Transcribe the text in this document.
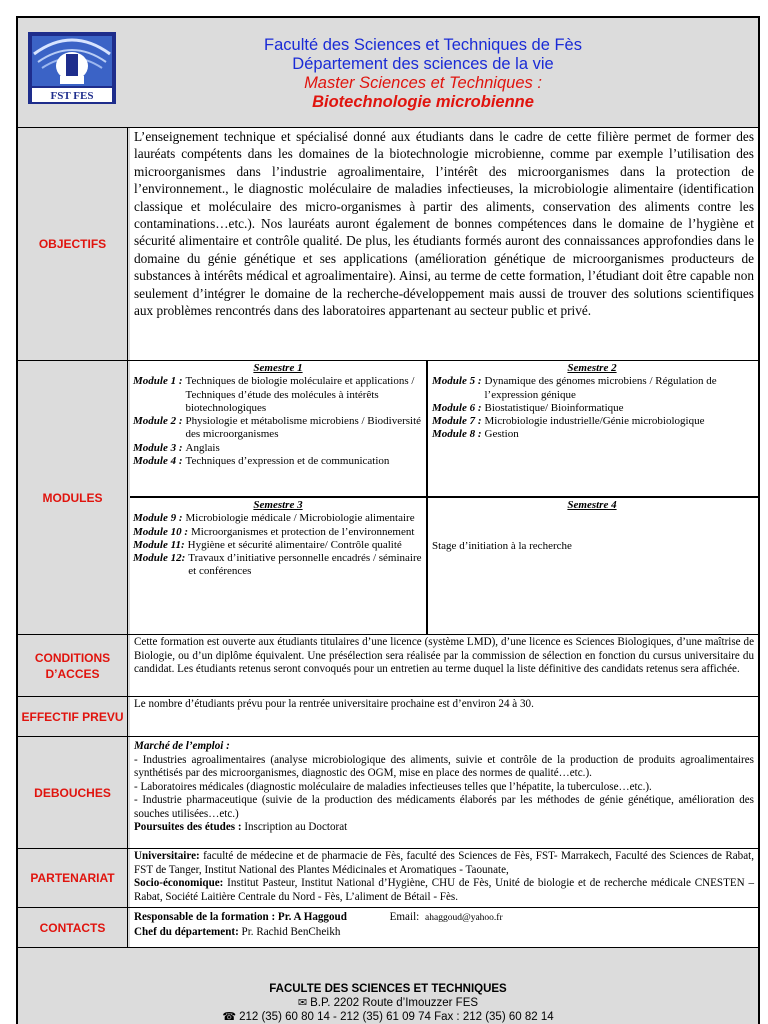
FST FES
Faculté des Sciences et Techniques de Fès
Département des sciences de la vie
Master Sciences et Techniques :
Biotechnologie microbienne
OBJECTIFS
L’enseignement technique et spécialisé donné aux étudiants dans le cadre de cette filière permet de former des lauréats compétents dans les domaines de la biotechnologie microbienne, comme par exemple l’utilisation des microorganismes dans l’industrie agroalimentaire, l’intérêt des microorganismes dans la protection de l’environnement., le diagnostic moléculaire de maladies infectieuses, la microbiologie alimentaire (identification classique et moléculaire des micro-organismes à partir des aliments, conservation des aliments contre les contaminations…etc.). Nos lauréats auront également de bonnes compétences dans le domaine de l’hygiène et sécurité alimentaire et contrôle qualité. De plus, les étudiants formés auront des connaissances approfondies dans le domaine du génie génétique et ses applications (amélioration génétique de microorganismes producteurs de substances à intérêts médical et agroalimentaire). Ainsi, au terme de cette formation, l’étudiant doit être capable non seulement d’intégrer le domaine de la recherche-développement mais aussi de trouver des solutions scientifiques aux problèmes rencontrés dans des laboratoires appartenant au secteur public et privé.
MODULES
Semestre 1
Module 1 : Techniques de biologie moléculaire et applications / Techniques d’étude des molécules à intérêts biotechnologiques
Module 2 : Physiologie et métabolisme microbiens / Biodiversité des microorganismes
Module 3 : Anglais
Module 4 : Techniques d’expression et de communication
Semestre 2
Module 5 : Dynamique des génomes microbiens / Régulation de l’expression génique
Module 6 : Biostatistique/ Bioinformatique
Module 7 : Microbiologie industrielle/Génie microbiologique
Module 8 : Gestion
Semestre 3
Module 9 : Microbiologie médicale / Microbiologie alimentaire
Module 10 : Microorganismes et protection de l’environnement
Module 11: Hygiène et sécurité alimentaire/ Contrôle qualité
Module 12: Travaux d’initiative personnelle encadrés / séminaire et conférences
Semestre 4
Stage d’initiation à la recherche
CONDITIONS D’ACCES
Cette formation est ouverte aux étudiants titulaires d’une licence (système LMD), d’une licence es Sciences Biologiques, d’une maîtrise de Biologie, ou d’un diplôme équivalent. Une présélection sera réalisée par la commission de sélection en fonction du cursus universitaire du candidat. Les étudiants retenus seront convoqués pour un entretien au terme duquel la liste définitive des candidats retenus sera affichée.
EFFECTIF PREVU
Le nombre d’étudiants prévu pour la rentrée universitaire prochaine est d’environ 24 à 30.
DEBOUCHES
Marché de l’emploi :
- Industries agroalimentaires (analyse microbiologique des aliments, suivie et contrôle de la production de produits agroalimentaires synthétisés par des microorganismes, diagnostic des OGM, mise en place des normes de qualité…etc.).
- Laboratoires médicales (diagnostic moléculaire de maladies infectieuses telles que l’hépatite, la tuberculose…etc.).
- Industrie pharmaceutique (suivie de la production des médicaments élaborés par les méthodes de génie génétique, amélioration des souches utilisées…etc.)
Poursuites des études : Inscription au Doctorat
PARTENARIAT
Universitaire: faculté de médecine et de pharmacie de Fès, faculté des Sciences de Fès, FST- Marrakech, Faculté des Sciences de Rabat, FST de Tanger, Institut National des Plantes Médicinales et Aromatiques - Taounate,
Socio-économique: Institut Pasteur, Institut National d’Hygiène, CHU de Fès, Unité de biologie et de recherche médicale CNESTEN – Rabat, Société Laitière Centrale du Nord - Fès, L’aliment de Bétail - Fès.
CONTACTS
Responsable de la formation : Pr. A Haggoud	Email: ahaggoud@yahoo.fr
Chef du département: Pr. Rachid BenCheikh
FACULTE DES SCIENCES ET TECHNIQUES
✉ B.P. 2202 Route d’Imouzzer FES
☎ 212 (35) 60 80 14 - 212 (35) 61 09 74 Fax : 212 (35) 60 82 14
